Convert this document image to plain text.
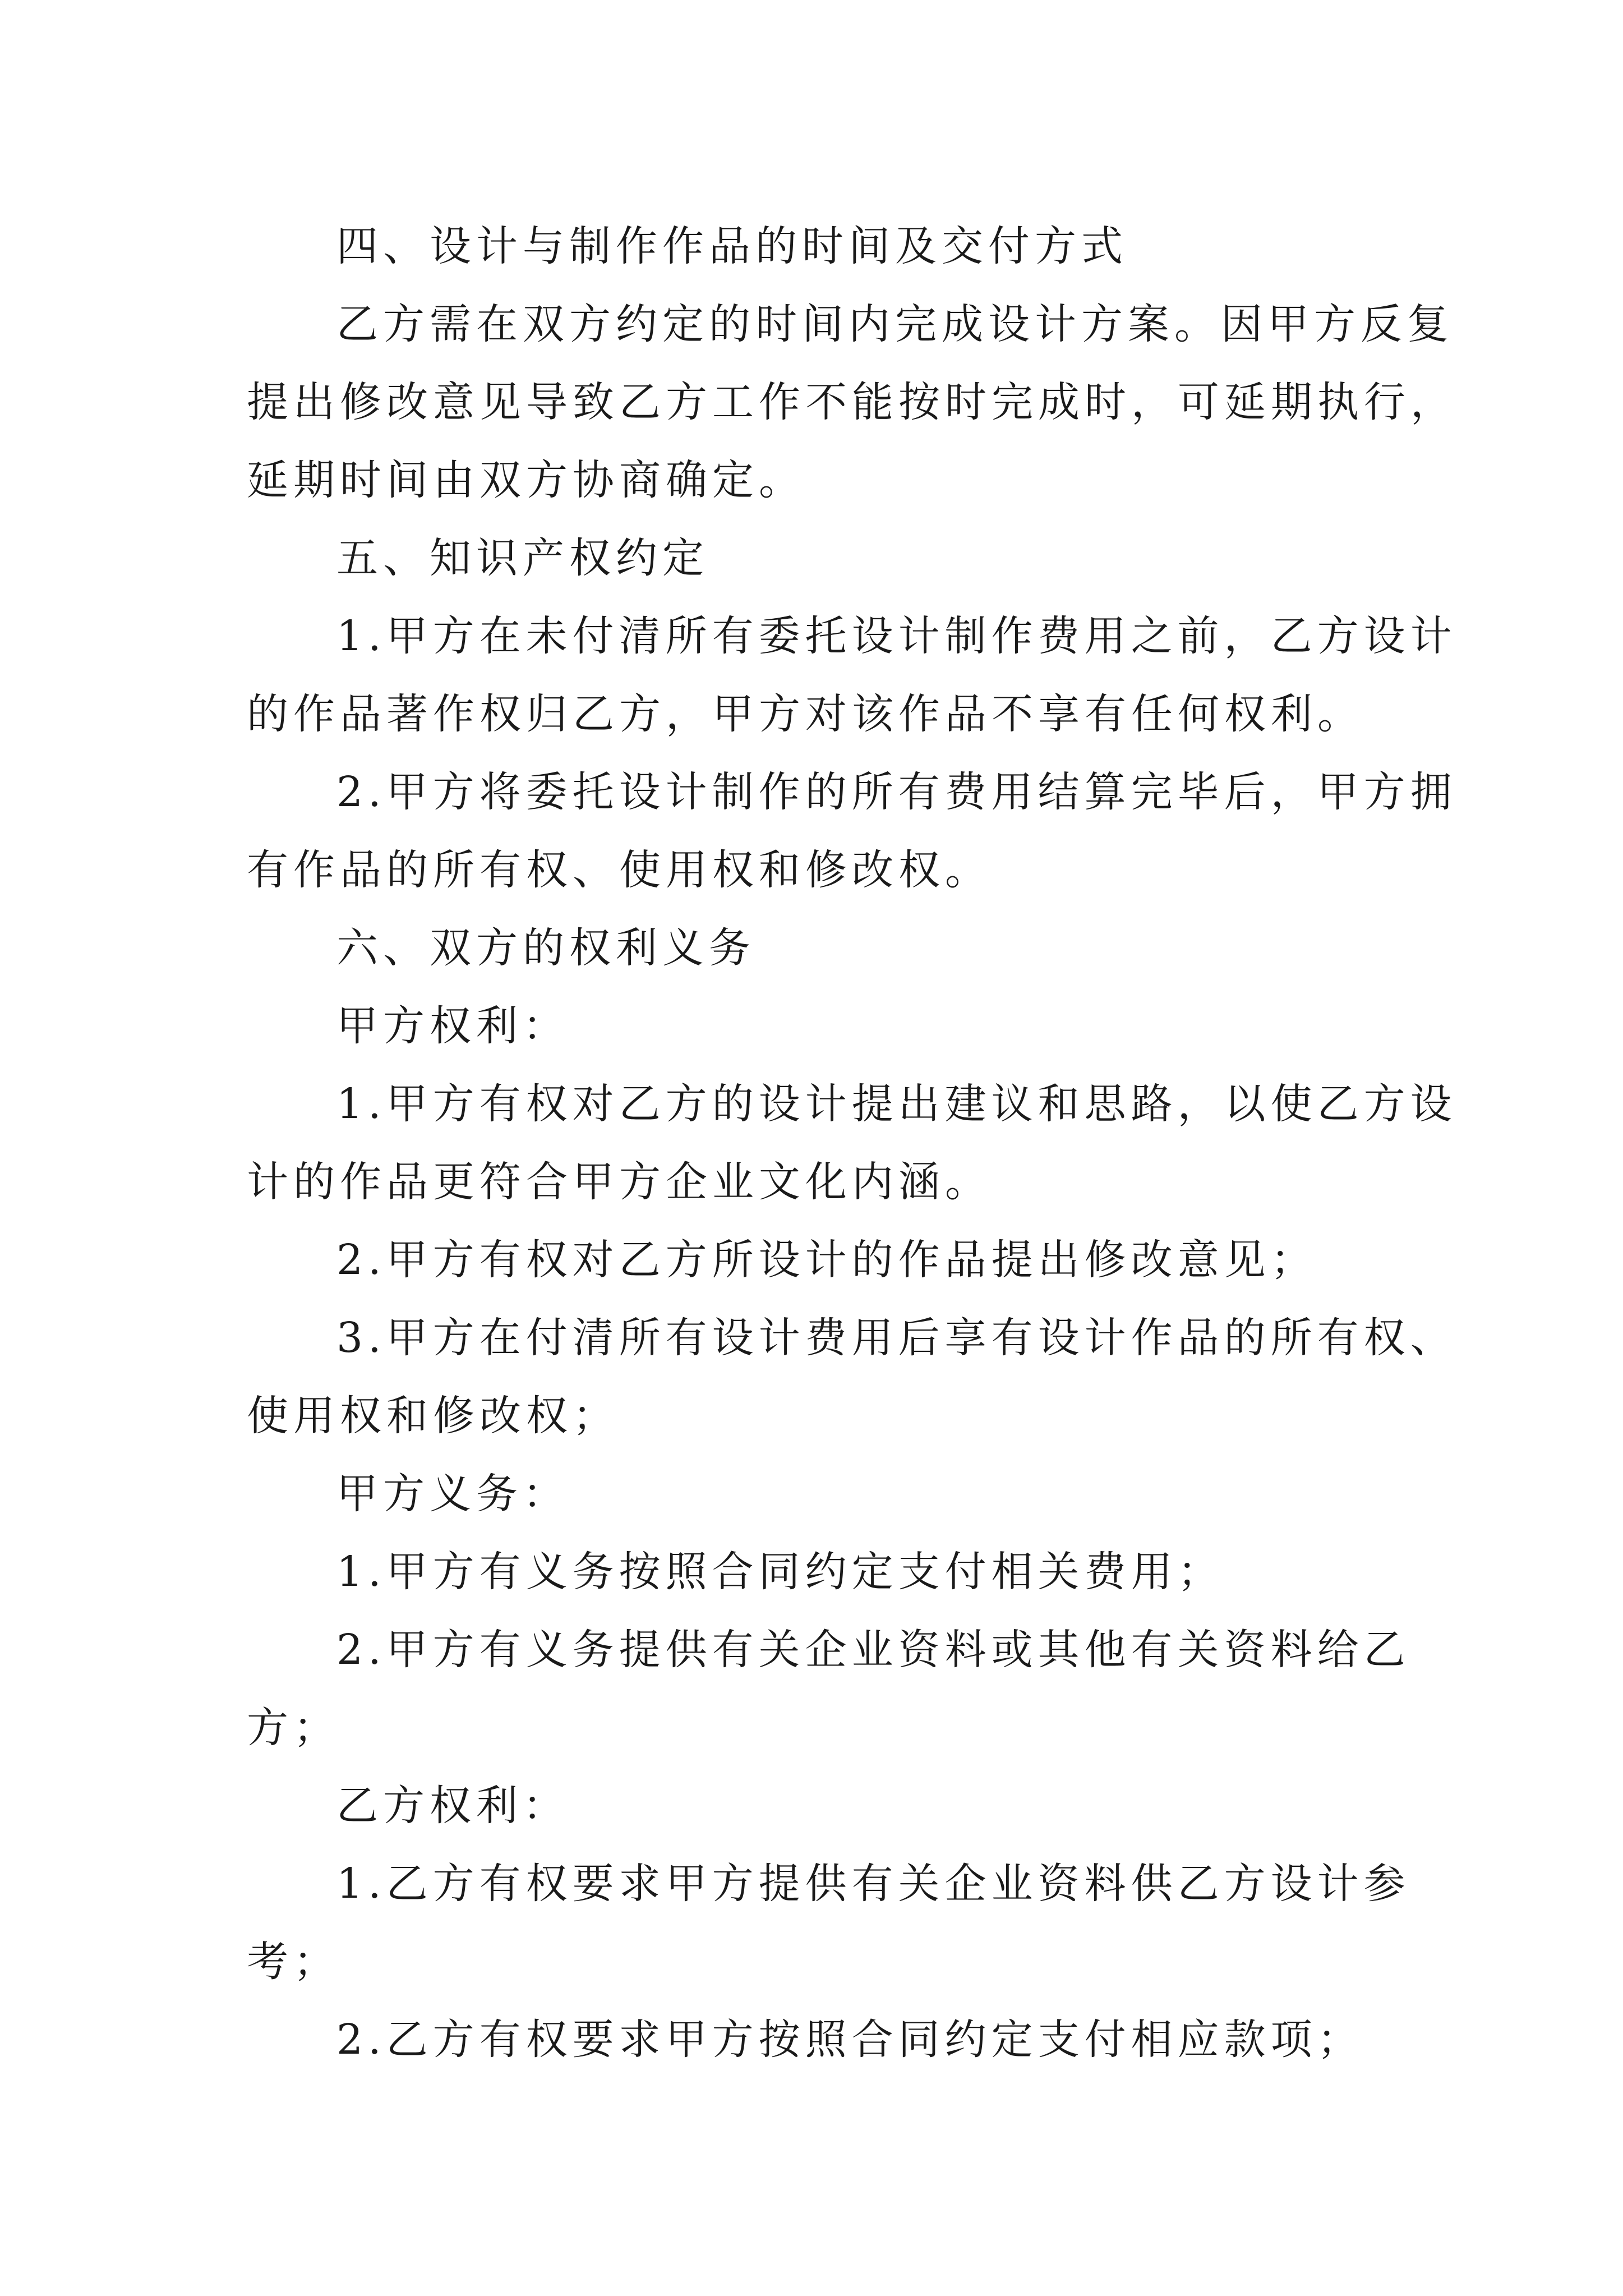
四、设计与制作作品的时间及交付方式
乙方需在双方约定的时间内完成设计方案。因甲方反复
提出修改意见导致乙方工作不能按时完成时，可延期执行，
延期时间由双方协商确定。
五、知识产权约定
1.甲方在未付清所有委托设计制作费用之前，乙方设计
的作品著作权归乙方，甲方对该作品不享有任何权利。
2.甲方将委托设计制作的所有费用结算完毕后，甲方拥
有作品的所有权、使用权和修改权。
六、双方的权利义务
甲方权利：
1.甲方有权对乙方的设计提出建议和思路，以使乙方设
计的作品更符合甲方企业文化内涵。
2.甲方有权对乙方所设计的作品提出修改意见；
3.甲方在付清所有设计费用后享有设计作品的所有权、
使用权和修改权；
甲方义务：
1.甲方有义务按照合同约定支付相关费用；
2.甲方有义务提供有关企业资料或其他有关资料给乙
方；
乙方权利：
1.乙方有权要求甲方提供有关企业资料供乙方设计参
考；
2.乙方有权要求甲方按照合同约定支付相应款项；
